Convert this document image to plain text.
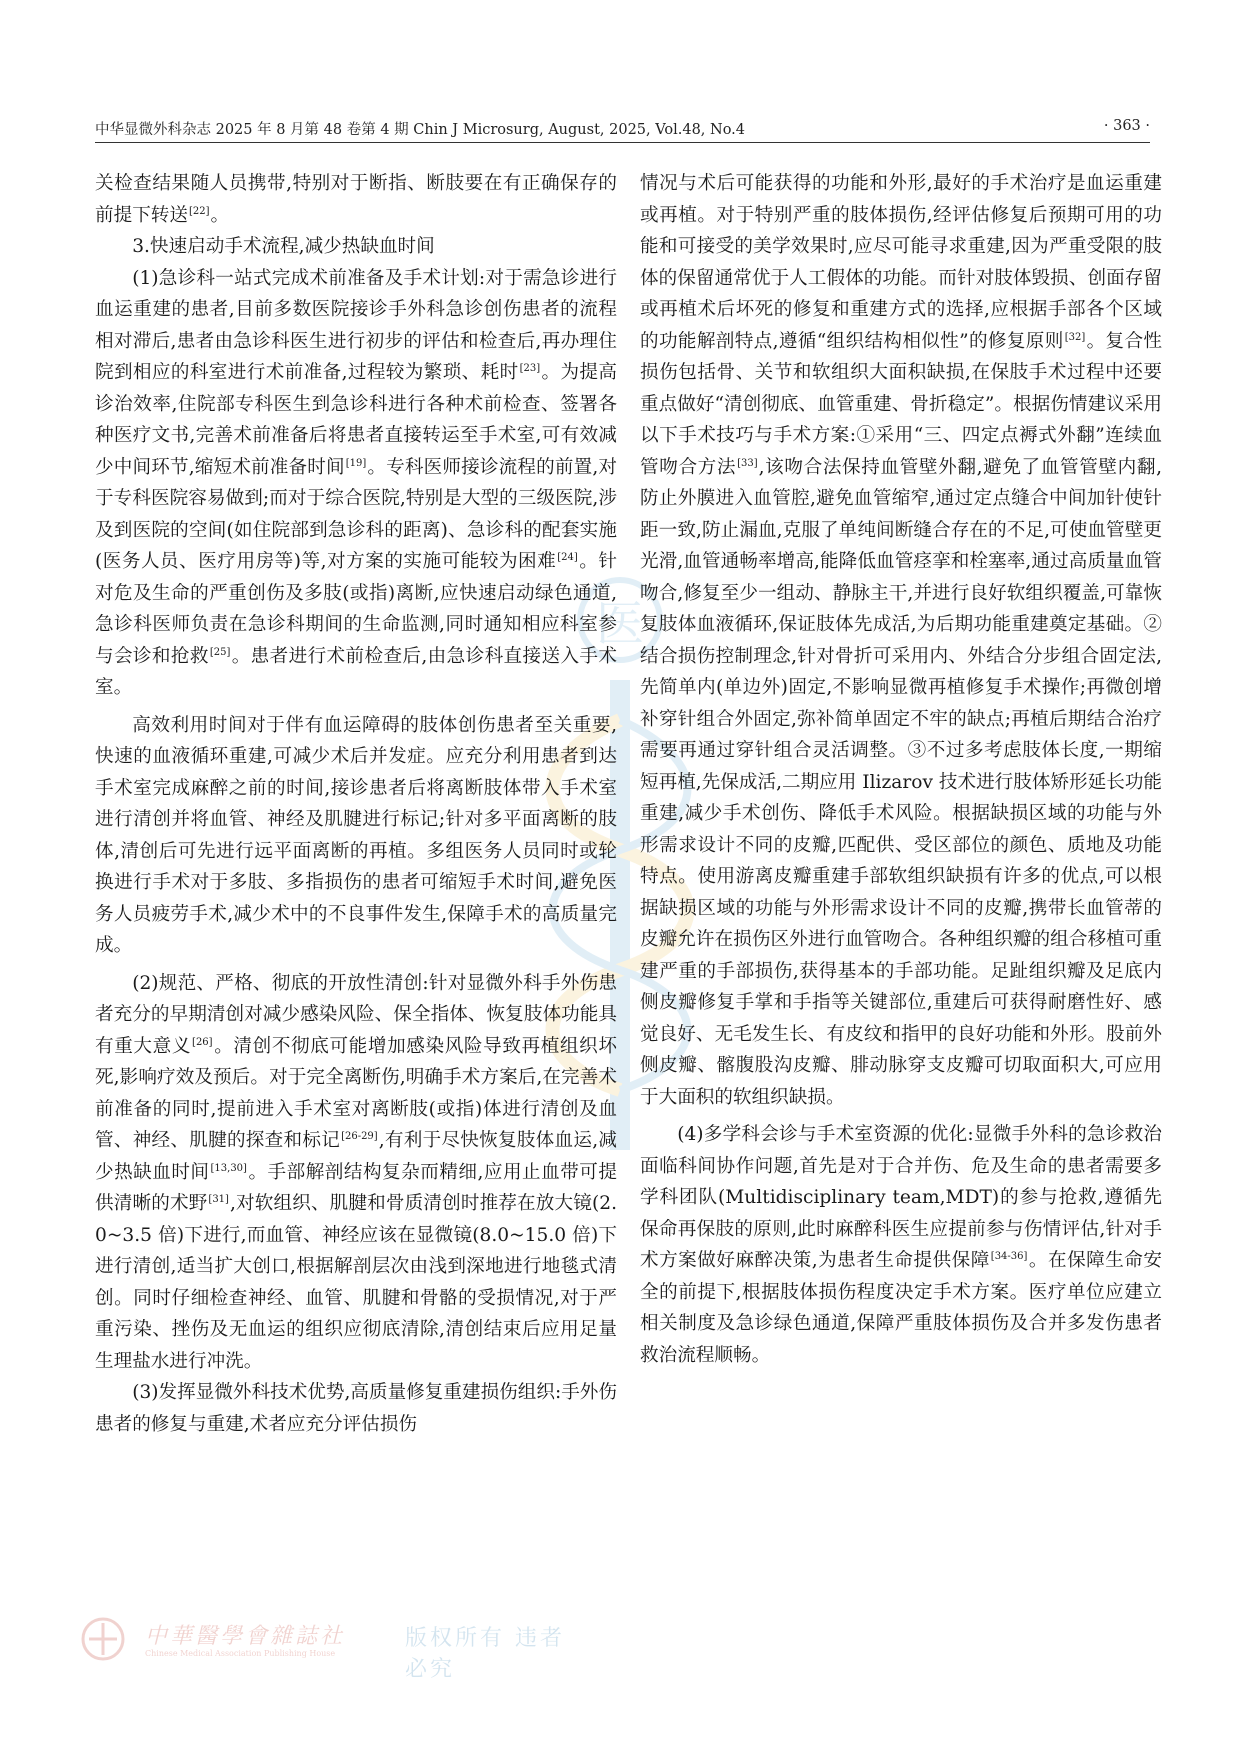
中华显微外科杂志 2025 年 8 月第 48 卷第 4 期 Chin J Microsurg, August, 2025, Vol.48, No.4	· 363 ·
医

关检查结果随人员携带,特别对于断指、断肢要在有正确保存的前提下转送[22]。

3.快速启动手术流程,减少热缺血时间

(1)急诊科一站式完成术前准备及手术计划:对于需急诊进行血运重建的患者,目前多数医院接诊手外科急诊创伤患者的流程相对滞后,患者由急诊科医生进行初步的评估和检查后,再办理住院到相应的科室进行术前准备,过程较为繁琐、耗时[23]。为提高诊治效率,住院部专科医生到急诊科进行各种术前检查、签署各种医疗文书,完善术前准备后将患者直接转运至手术室,可有效减少中间环节,缩短术前准备时间[19]。专科医师接诊流程的前置,对于专科医院容易做到;而对于综合医院,特别是大型的三级医院,涉及到医院的空间(如住院部到急诊科的距离)、急诊科的配套实施(医务人员、医疗用房等)等,对方案的实施可能较为困难[24]。针对危及生命的严重创伤及多肢(或指)离断,应快速启动绿色通道,急诊科医师负责在急诊科期间的生命监测,同时通知相应科室参与会诊和抢救[25]。患者进行术前检查后,由急诊科直接送入手术室。

高效利用时间对于伴有血运障碍的肢体创伤患者至关重要,快速的血液循环重建,可减少术后并发症。应充分利用患者到达手术室完成麻醉之前的时间,接诊患者后将离断肢体带入手术室进行清创并将血管、神经及肌腱进行标记;针对多平面离断的肢体,清创后可先进行远平面离断的再植。多组医务人员同时或轮换进行手术对于多肢、多指损伤的患者可缩短手术时间,避免医务人员疲劳手术,减少术中的不良事件发生,保障手术的高质量完成。

(2)规范、严格、彻底的开放性清创:针对显微外科手外伤患者充分的早期清创对减少感染风险、保全指体、恢复肢体功能具有重大意义[26]。清创不彻底可能增加感染风险导致再植组织坏死,影响疗效及预后。对于完全离断伤,明确手术方案后,在完善术前准备的同时,提前进入手术室对离断肢(或指)体进行清创及血管、神经、肌腱的探查和标记[26-29],有利于尽快恢复肢体血运,减少热缺血时间[13,30]。手部解剖结构复杂而精细,应用止血带可提供清晰的术野[31],对软组织、肌腱和骨质清创时推荐在放大镜(2.0~3.5 倍)下进行,而血管、神经应该在显微镜(8.0~15.0 倍)下进行清创,适当扩大创口,根据解剖层次由浅到深地进行地毯式清创。同时仔细检查神经、血管、肌腱和骨骼的受损情况,对于严重污染、挫伤及无血运的组织应彻底清除,清创结束后应用足量生理盐水进行冲洗。

(3)发挥显微外科技术优势,高质量修复重建损伤组织:手外伤患者的修复与重建,术者应充分评估损伤

情况与术后可能获得的功能和外形,最好的手术治疗是血运重建或再植。对于特别严重的肢体损伤,经评估修复后预期可用的功能和可接受的美学效果时,应尽可能寻求重建,因为严重受限的肢体的保留通常优于人工假体的功能。而针对肢体毁损、创面存留或再植术后坏死的修复和重建方式的选择,应根据手部各个区域的功能解剖特点,遵循“组织结构相似性”的修复原则[32]。复合性损伤包括骨、关节和软组织大面积缺损,在保肢手术过程中还要重点做好“清创彻底、血管重建、骨折稳定”。根据伤情建议采用以下手术技巧与手术方案:①采用“三、四定点褥式外翻”连续血管吻合方法[33],该吻合法保持血管壁外翻,避免了血管管壁内翻,防止外膜进入血管腔,避免血管缩窄,通过定点缝合中间加针使针距一致,防止漏血,克服了单纯间断缝合存在的不足,可使血管壁更光滑,血管通畅率增高,能降低血管痉挛和栓塞率,通过高质量血管吻合,修复至少一组动、静脉主干,并进行良好软组织覆盖,可靠恢复肢体血液循环,保证肢体先成活,为后期功能重建奠定基础。②结合损伤控制理念,针对骨折可采用内、外结合分步组合固定法,先简单内(单边外)固定,不影响显微再植修复手术操作;再微创增补穿针组合外固定,弥补简单固定不牢的缺点;再植后期结合治疗需要再通过穿针组合灵活调整。③不过多考虑肢体长度,一期缩短再植,先保成活,二期应用 Ilizarov 技术进行肢体矫形延长功能重建,减少手术创伤、降低手术风险。根据缺损区域的功能与外形需求设计不同的皮瓣,匹配供、受区部位的颜色、质地及功能特点。使用游离皮瓣重建手部软组织缺损有许多的优点,可以根据缺损区域的功能与外形需求设计不同的皮瓣,携带长血管蒂的皮瓣允许在损伤区外进行血管吻合。各种组织瓣的组合移植可重建严重的手部损伤,获得基本的手部功能。足趾组织瓣及足底内侧皮瓣修复手掌和手指等关键部位,重建后可获得耐磨性好、感觉良好、无毛发生长、有皮纹和指甲的良好功能和外形。股前外侧皮瓣、髂腹股沟皮瓣、腓动脉穿支皮瓣可切取面积大,可应用于大面积的软组织缺损。

(4)多学科会诊与手术室资源的优化:显微手外科的急诊救治面临科间协作问题,首先是对于合并伤、危及生命的患者需要多学科团队(Multidisciplinary team,MDT)的参与抢救,遵循先保命再保肢的原则,此时麻醉科医生应提前参与伤情评估,针对手术方案做好麻醉决策,为患者生命提供保障[34-36]。在保障生命安全的前提下,根据肢体损伤程度决定手术方案。医疗单位应建立相关制度及急诊绿色通道,保障严重肢体损伤及合并多发伤患者救治流程顺畅。

中華醫學會雜誌社
Chinese Medical Association Publishing House
版权所有 违者必究
